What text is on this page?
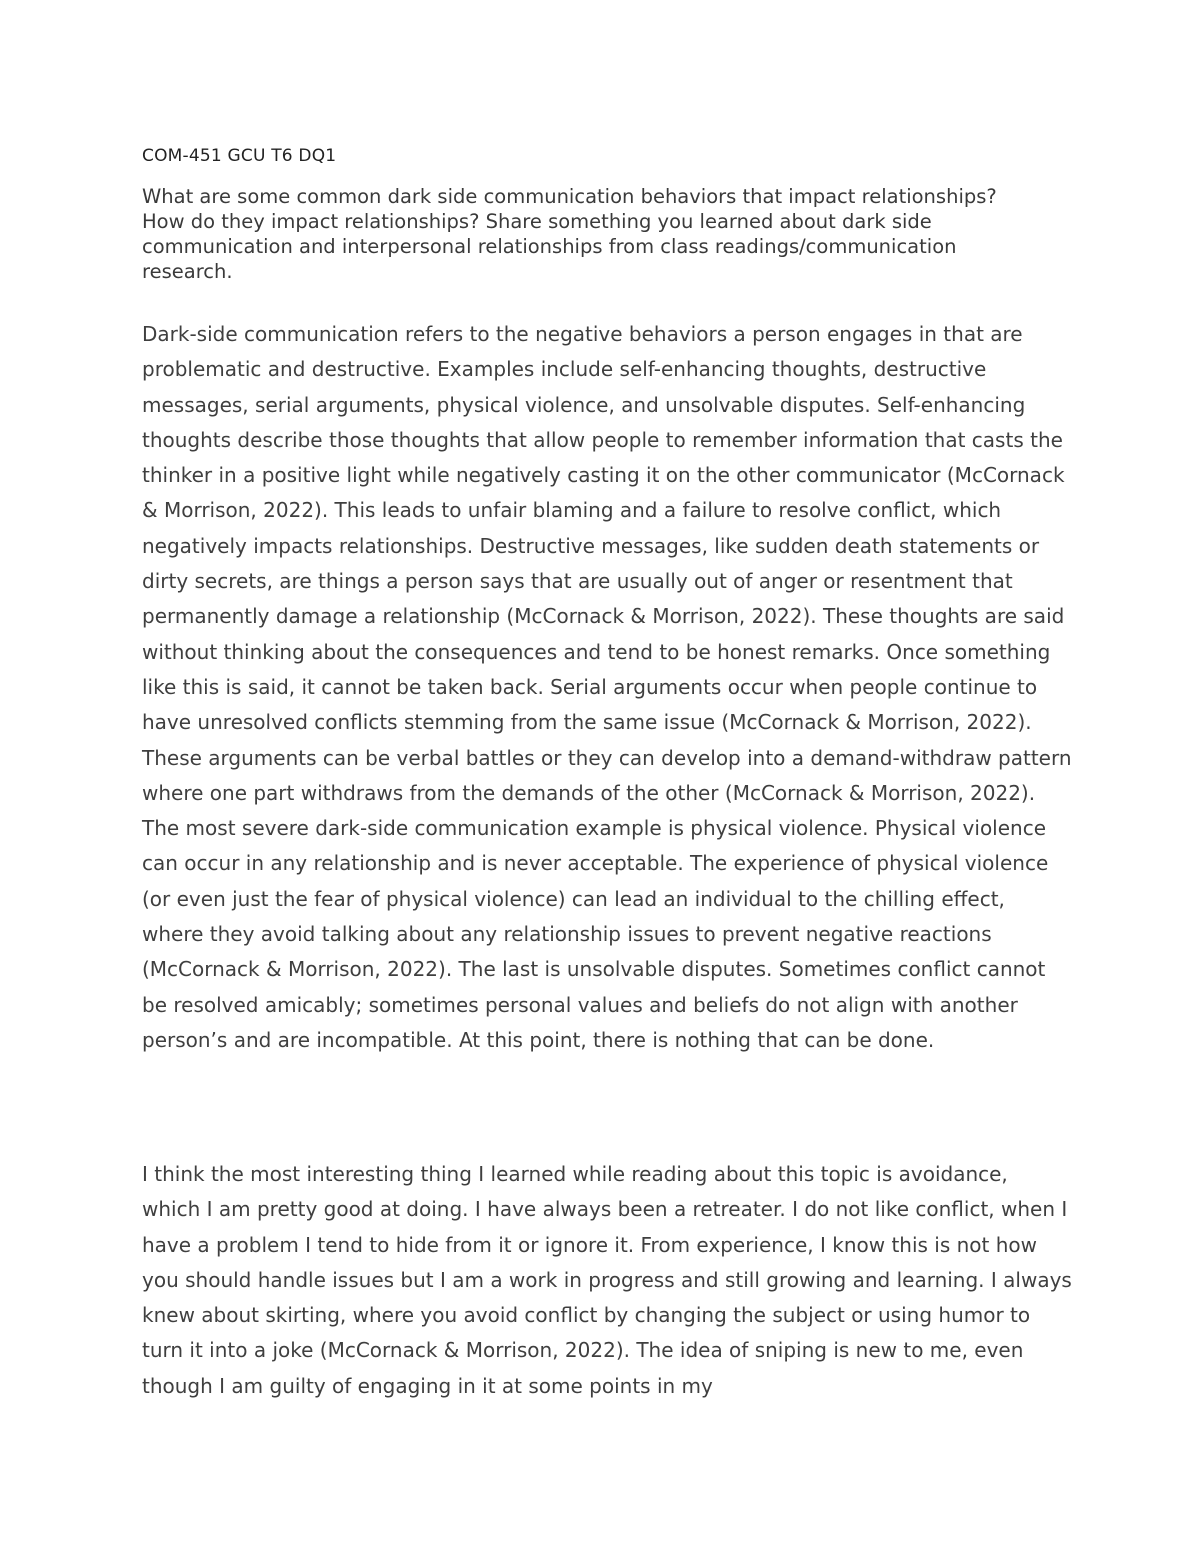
COM-451 GCU T6 DQ1

What are some common dark side communication behaviors that impact relationships? How do they impact relationships? Share something you learned about dark side communication and interpersonal relationships from class readings/communication research.

Dark-side communication refers to the negative behaviors a person engages in that are problematic and destructive. Examples include self-enhancing thoughts, destructive messages, serial arguments, physical violence, and unsolvable disputes. Self-enhancing thoughts describe those thoughts that allow people to remember information that casts the thinker in a positive light while negatively casting it on the other communicator (McCornack & Morrison, 2022). This leads to unfair blaming and a failure to resolve conflict, which negatively impacts relationships. Destructive messages, like sudden death statements or dirty secrets, are things a person says that are usually out of anger or resentment that permanently damage a relationship (McCornack & Morrison, 2022). These thoughts are said without thinking about the consequences and tend to be honest remarks. Once something like this is said, it cannot be taken back. Serial arguments occur when people continue to have unresolved conflicts stemming from the same issue (McCornack & Morrison, 2022). These arguments can be verbal battles or they can develop into a demand-withdraw pattern where one part withdraws from the demands of the other (McCornack & Morrison, 2022). The most severe dark-side communication example is physical violence. Physical violence can occur in any relationship and is never acceptable. The experience of physical violence (or even just the fear of physical violence) can lead an individual to the chilling effect, where they avoid talking about any relationship issues to prevent negative reactions (McCornack & Morrison, 2022). The last is unsolvable disputes. Sometimes conflict cannot be resolved amicably; sometimes personal values and beliefs do not align with another person’s and are incompatible. At this point, there is nothing that can be done.

I think the most interesting thing I learned while reading about this topic is avoidance, which I am pretty good at doing. I have always been a retreater. I do not like conflict, when I have a problem I tend to hide from it or ignore it. From experience, I know this is not how you should handle issues but I am a work in progress and still growing and learning. I always knew about skirting, where you avoid conflict by changing the subject or using humor to turn it into a joke (McCornack & Morrison, 2022). The idea of sniping is new to me, even though I am guilty of engaging in it at some points in my
